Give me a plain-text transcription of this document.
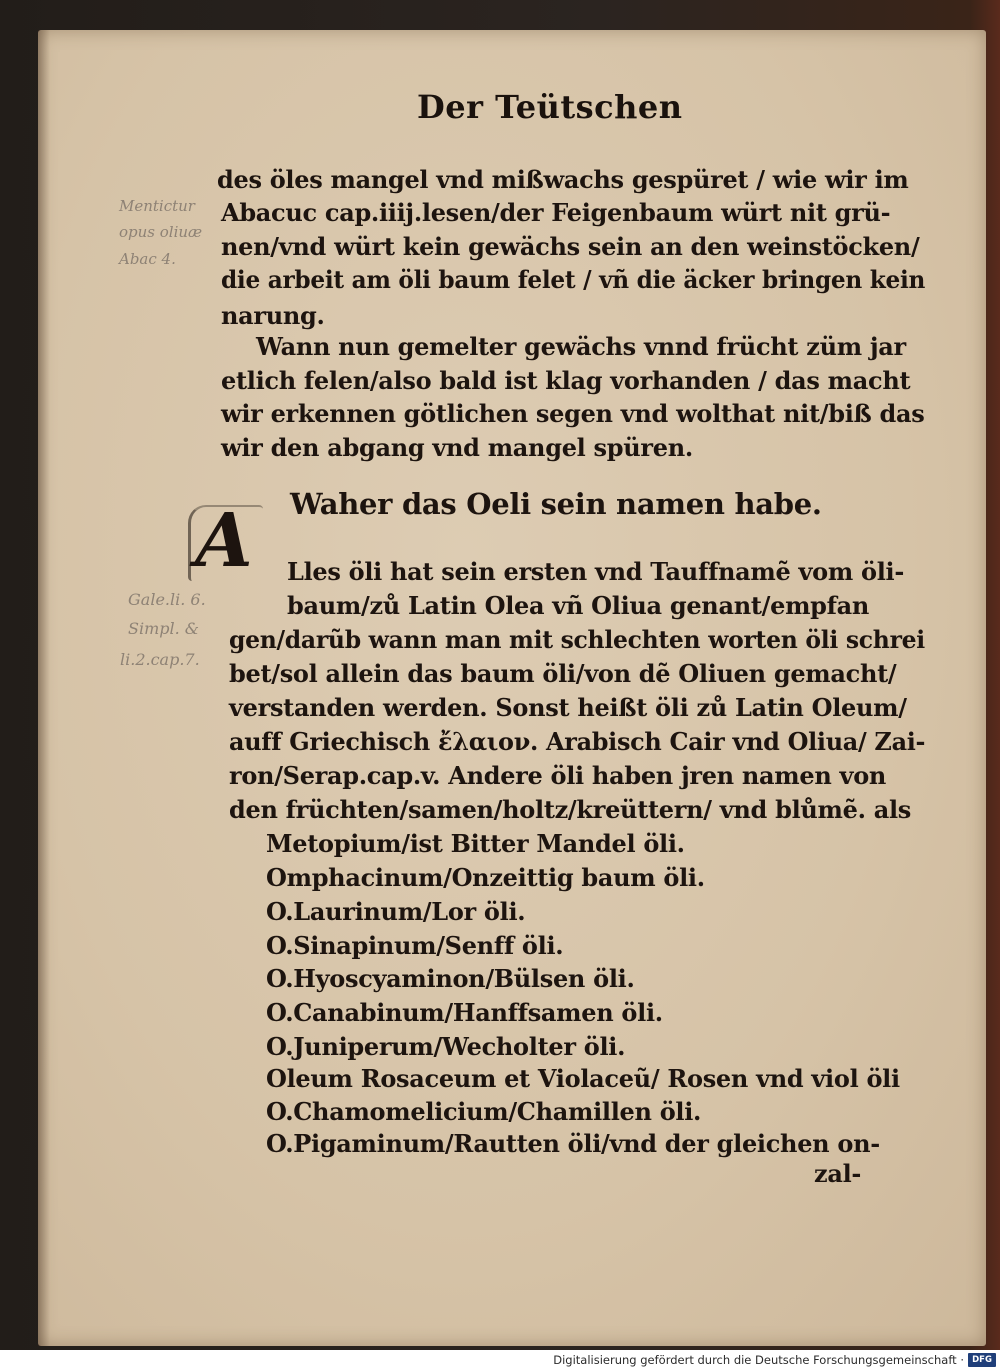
Der Teütschen
Mentictur
opus oliuæ
Abac 4.
Gale.li. 6.
Simpl. &
li.2.cap.7.
des öles mangel vnd mißwachs gespüret / wie wir im
Abacuc cap.iiij.lesen/der Feigenbaum würt nit grü-
nen/vnd würt kein gewächs sein an den weinstöcken/
die arbeit am öli baum felet / vñ die äcker bringen kein
narung.
Wann nun gemelter gewächs vnnd frücht züm jar
etlich felen/also bald ist klag vorhanden / das macht
wir erkennen götlichen segen vnd wolthat nit/biß das
wir den abgang vnd mangel spüren.
Waher das Oeli sein namen habe.
A Lles öli hat sein ersten vnd Tauffnamẽ vom öli-
baum/zů Latin Olea vñ Oliua genant/empfan
gen/darũb wann man mit schlechten worten öli schrei
bet/sol allein das baum öli/von dẽ Oliuen gemacht/
verstanden werden. Sonst heißt öli zů Latin Oleum/
auff Griechisch ἔλαιον. Arabisch Cair vnd Oliua/ Zai-
ron/Serap.cap.v. Andere öli haben jren namen von
den früchten/samen/holtz/kreüttern/ vnd blůmẽ. als
Metopium/ist Bitter Mandel öli.
Omphacinum/Onzeittig baum öli.
O.Laurinum/Lor öli.
O.Sinapinum/Senff öli.
O.Hyoscyaminon/Bülsen öli.
O.Canabinum/Hanffsamen öli.
O.Juniperum/Wecholter öli.
Oleum Rosaceum et Violaceũ/ Rosen vnd viol öli
O.Chamomelicium/Chamillen öli.
O.Pigaminum/Rautten öli/vnd der gleichen on-
zal-
Digitalisierung gefördert durch die Deutsche Forschungsgemeinschaft · DFG
